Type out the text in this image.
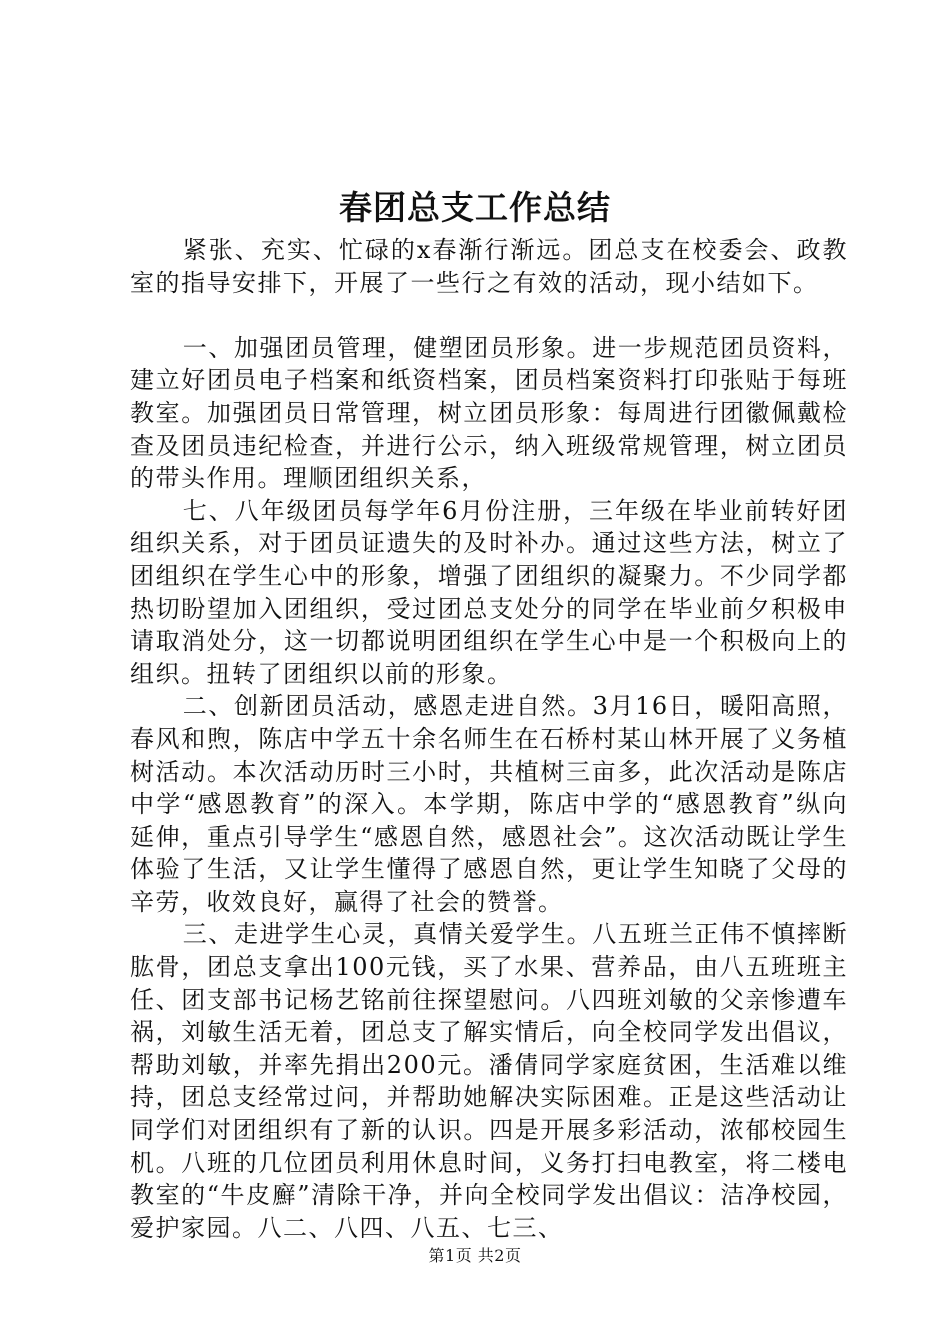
春团总支工作总结

紧张、充实、忙碌的x春渐行渐远。团总支在校委会、政教室的指导安排下，开展了一些行之有效的活动，现小结如下。

一、加强团员管理，健塑团员形象。进一步规范团员资料，建立好团员电子档案和纸资档案，团员档案资料打印张贴于每班教室。加强团员日常管理，树立团员形象：每周进行团徽佩戴检查及团员违纪检查，并进行公示，纳入班级常规管理，树立团员的带头作用。理顺团组织关系，

七、八年级团员每学年6月份注册，三年级在毕业前转好团组织关系，对于团员证遗失的及时补办。通过这些方法，树立了团组织在学生心中的形象，增强了团组织的凝聚力。不少同学都热切盼望加入团组织，受过团总支处分的同学在毕业前夕积极申请取消处分，这一切都说明团组织在学生心中是一个积极向上的组织。扭转了团组织以前的形象。

二、创新团员活动，感恩走进自然。3月16日，暖阳高照，春风和煦，陈店中学五十余名师生在石桥村某山林开展了义务植树活动。本次活动历时三小时，共植树三亩多，此次活动是陈店中学“感恩教育”的深入。本学期，陈店中学的“感恩教育”纵向延伸，重点引导学生“感恩自然，感恩社会”。这次活动既让学生体验了生活，又让学生懂得了感恩自然，更让学生知晓了父母的辛劳，收效良好，赢得了社会的赞誉。

三、走进学生心灵，真情关爱学生。八五班兰正伟不慎摔断肱骨，团总支拿出100元钱，买了水果、营养品，由八五班班主任、团支部书记杨艺铭前往探望慰问。八四班刘敏的父亲惨遭车祸，刘敏生活无着，团总支了解实情后，向全校同学发出倡议，帮助刘敏，并率先捐出200元。潘倩同学家庭贫困，生活难以维持，团总支经常过问，并帮助她解决实际困难。正是这些活动让同学们对团组织有了新的认识。四是开展多彩活动，浓郁校园生机。八班的几位团员利用休息时间，义务打扫电教室，将二楼电教室的“牛皮廯”清除干净，并向全校同学发出倡议：洁净校园，爱护家园。八二、八四、八五、七三、

第1页 共2页
